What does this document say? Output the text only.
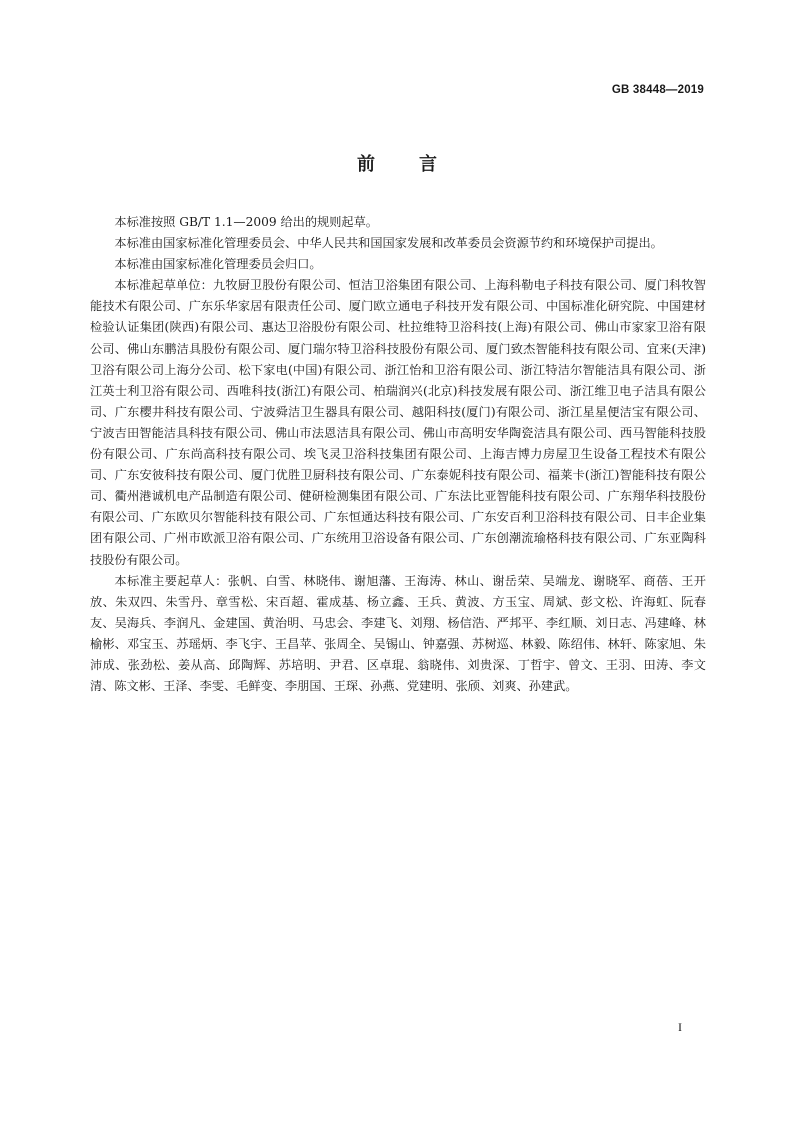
GB 38448—2019
前言

本标准按照 GB/T 1.1—2009 给出的规则起草。

本标准由国家标准化管理委员会、中华人民共和国国家发展和改革委员会资源节约和环境保护司提出。

本标准由国家标准化管理委员会归口。

本标准起草单位：九牧厨卫股份有限公司、恒洁卫浴集团有限公司、上海科勒电子科技有限公司、厦门科牧智能技术有限公司、广东乐华家居有限责任公司、厦门欧立通电子科技开发有限公司、中国标准化研究院、中国建材检验认证集团(陕西)有限公司、惠达卫浴股份有限公司、杜拉维特卫浴科技(上海)有限公司、佛山市家家卫浴有限公司、佛山东鹏洁具股份有限公司、厦门瑞尔特卫浴科技股份有限公司、厦门致杰智能科技有限公司、宜来(天津)卫浴有限公司上海分公司、松下家电(中国)有限公司、浙江怡和卫浴有限公司、浙江特洁尔智能洁具有限公司、浙江英士利卫浴有限公司、西唯科技(浙江)有限公司、柏瑞润兴(北京)科技发展有限公司、浙江维卫电子洁具有限公司、广东樱井科技有限公司、宁波舜洁卫生器具有限公司、越阳科技(厦门)有限公司、浙江星星便洁宝有限公司、宁波吉田智能洁具科技有限公司、佛山市法恩洁具有限公司、佛山市高明安华陶瓷洁具有限公司、西马智能科技股份有限公司、广东尚高科技有限公司、埃飞灵卫浴科技集团有限公司、上海吉博力房屋卫生设备工程技术有限公司、广东安彼科技有限公司、厦门优胜卫厨科技有限公司、广东泰妮科技有限公司、福莱卡(浙江)智能科技有限公司、衢州港诚机电产品制造有限公司、健研检测集团有限公司、广东法比亚智能科技有限公司、广东翔华科技股份有限公司、广东欧贝尔智能科技有限公司、广东恒通达科技有限公司、广东安百利卫浴科技有限公司、日丰企业集团有限公司、广州市欧派卫浴有限公司、广东统用卫浴设备有限公司、广东创潮流瑜格科技有限公司、广东亚陶科技股份有限公司。

本标准主要起草人：张帆、白雪、林晓伟、谢旭藩、王海涛、林山、谢岳荣、吴端龙、谢晓军、商蓓、王开放、朱双四、朱雪丹、章雪松、宋百超、霍成基、杨立鑫、王兵、黄波、方玉宝、周斌、彭文松、许海虹、阮春友、吴海兵、李润凡、金建国、黄治明、马忠会、李建飞、刘翔、杨信浩、严邦平、李红顺、刘日志、冯建峰、林榆彬、邓宝玉、苏瑶炳、李飞宇、王昌苹、张周全、吴锡山、钟嘉强、苏树巡、林毅、陈绍伟、林轩、陈家旭、朱沛成、张劲松、姜从高、邱陶辉、苏培明、尹君、区卓琨、翁晓伟、刘贵深、丁哲宇、曾文、王羽、田涛、李文清、陈文彬、王泽、李雯、毛鲜变、李朋国、王琛、孙燕、党建明、张颀、刘爽、孙建武。

I
